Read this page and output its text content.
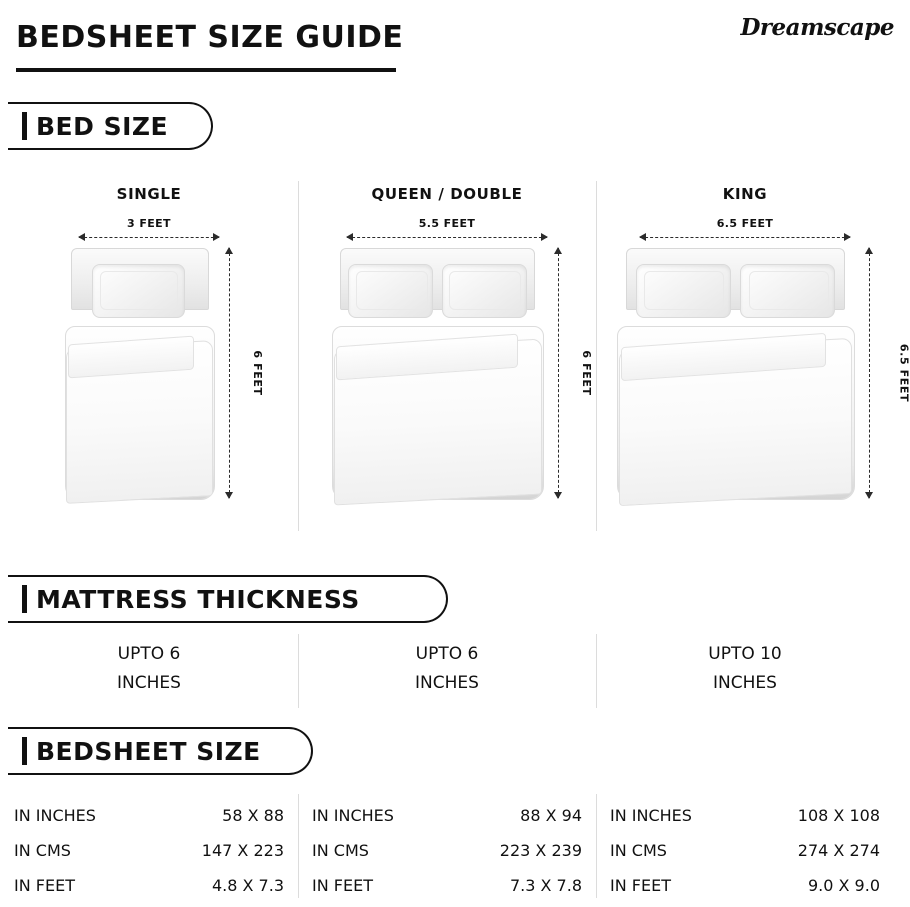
BEDSHEET SIZE GUIDE	Dreamscape
BED SIZE
SINGLE
3 FEET
6 FEET
QUEEN / DOUBLE
5.5 FEET
6 FEET
KING
6.5 FEET
6.5 FEET
MATTRESS THICKNESS
UPTO 6
INCHES
UPTO 6
INCHES
UPTO 10
INCHES
BEDSHEET SIZE
IN INCHES	58 X 88
IN CMS	147 X 223
IN FEET	4.8 X 7.3
IN INCHES	88 X 94
IN CMS	223 X 239
IN FEET	7.3 X 7.8
IN INCHES	108 X 108
IN CMS	274 X 274
IN FEET	9.0 X 9.0
